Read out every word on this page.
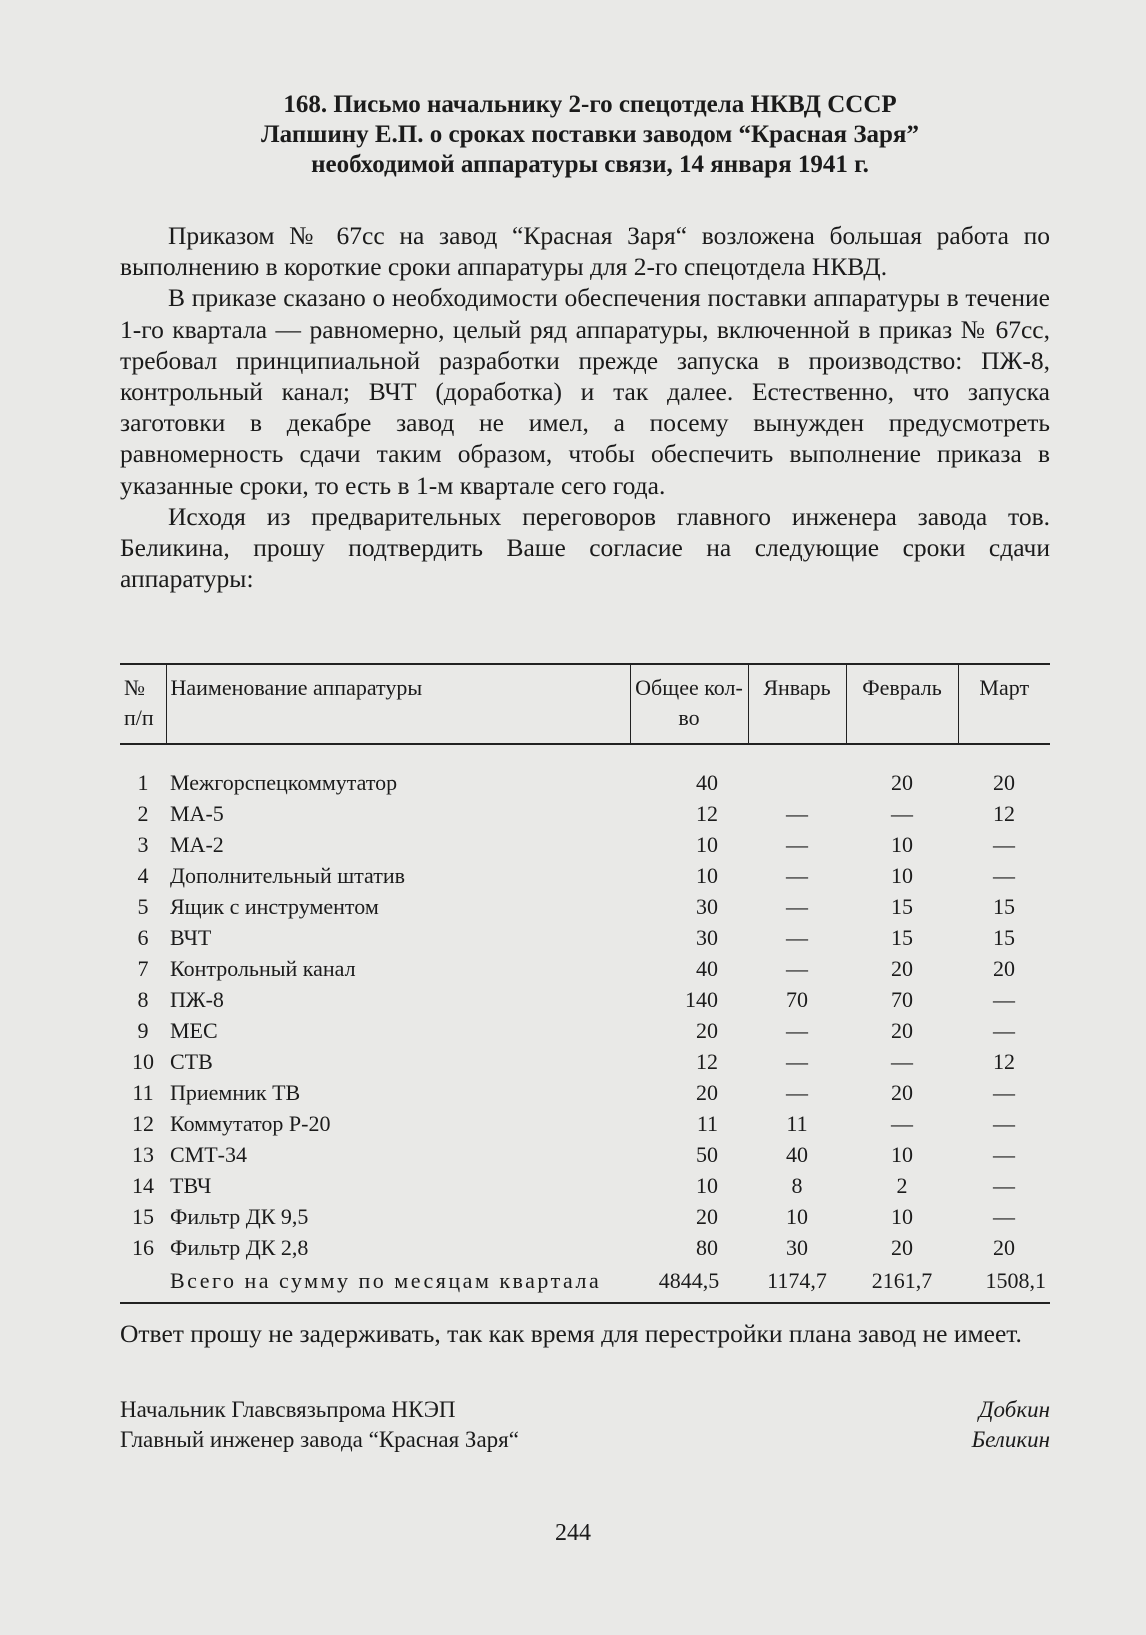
168. Письмо начальнику 2-го спецотдела НКВД СССР
Лапшину Е.П. о сроках поставки заводом “Красная Заря”
необходимой аппаратуры связи, 14 января 1941 г.

Приказом № 67сс на завод “Красная Заря“ возложена большая работа по выполнению в короткие сроки аппаратуры для 2-го спецотдела НКВД.

В приказе сказано о необходимости обеспечения поставки аппаратуры в течение 1-го квартала — равномерно, целый ряд аппаратуры, включенной в приказ № 67сс, требовал принципиальной разработки прежде запуска в производство: ПЖ-8, контрольный канал; ВЧТ (доработка) и так далее. Естественно, что запуска заготовки в декабре завод не имел, а посему вынужден предусмотреть равномерность сдачи таким образом, чтобы обеспечить выполнение приказа в указанные сроки, то есть в 1-м квартале сего года.

Исходя из предварительных переговоров главного инженера завода тов. Беликина, прошу подтвердить Ваше согласие на следующие сроки сдачи аппаратуры:

№ п/п	Наименование аппаратуры	Общее кол-во	Январь	Февраль	Март
1	Межгорспецкоммутатор	40		20	20
2	МА-5	12	—	—	12
3	МА-2	10	—	10	—
4	Дополнительный штатив	10	—	10	—
5	Ящик с инструментом	30	—	15	15
6	ВЧТ	30	—	15	15
7	Контрольный канал	40	—	20	20
8	ПЖ-8	140	70	70	—
9	МЕС	20	—	20	—
10	СТВ	12	—	—	12
11	Приемник ТВ	20	—	20	—
12	Коммутатор Р-20	11	11	—	—
13	СМТ-34	50	40	10	—
14	ТВЧ	10	8	2	—
15	Фильтр ДК 9,5	20	10	10	—
16	Фильтр ДК 2,8	80	30	20	20
	Всего на сумму по месяцам квартала	4844,5	1174,7	2161,7	1508,1

Ответ прошу не задерживать, так как время для перестройки плана завод не имеет.

Начальник Главсвязьпрома НКЭП	Добкин
Главный инженер завода “Красная Заря“	Беликин
244
